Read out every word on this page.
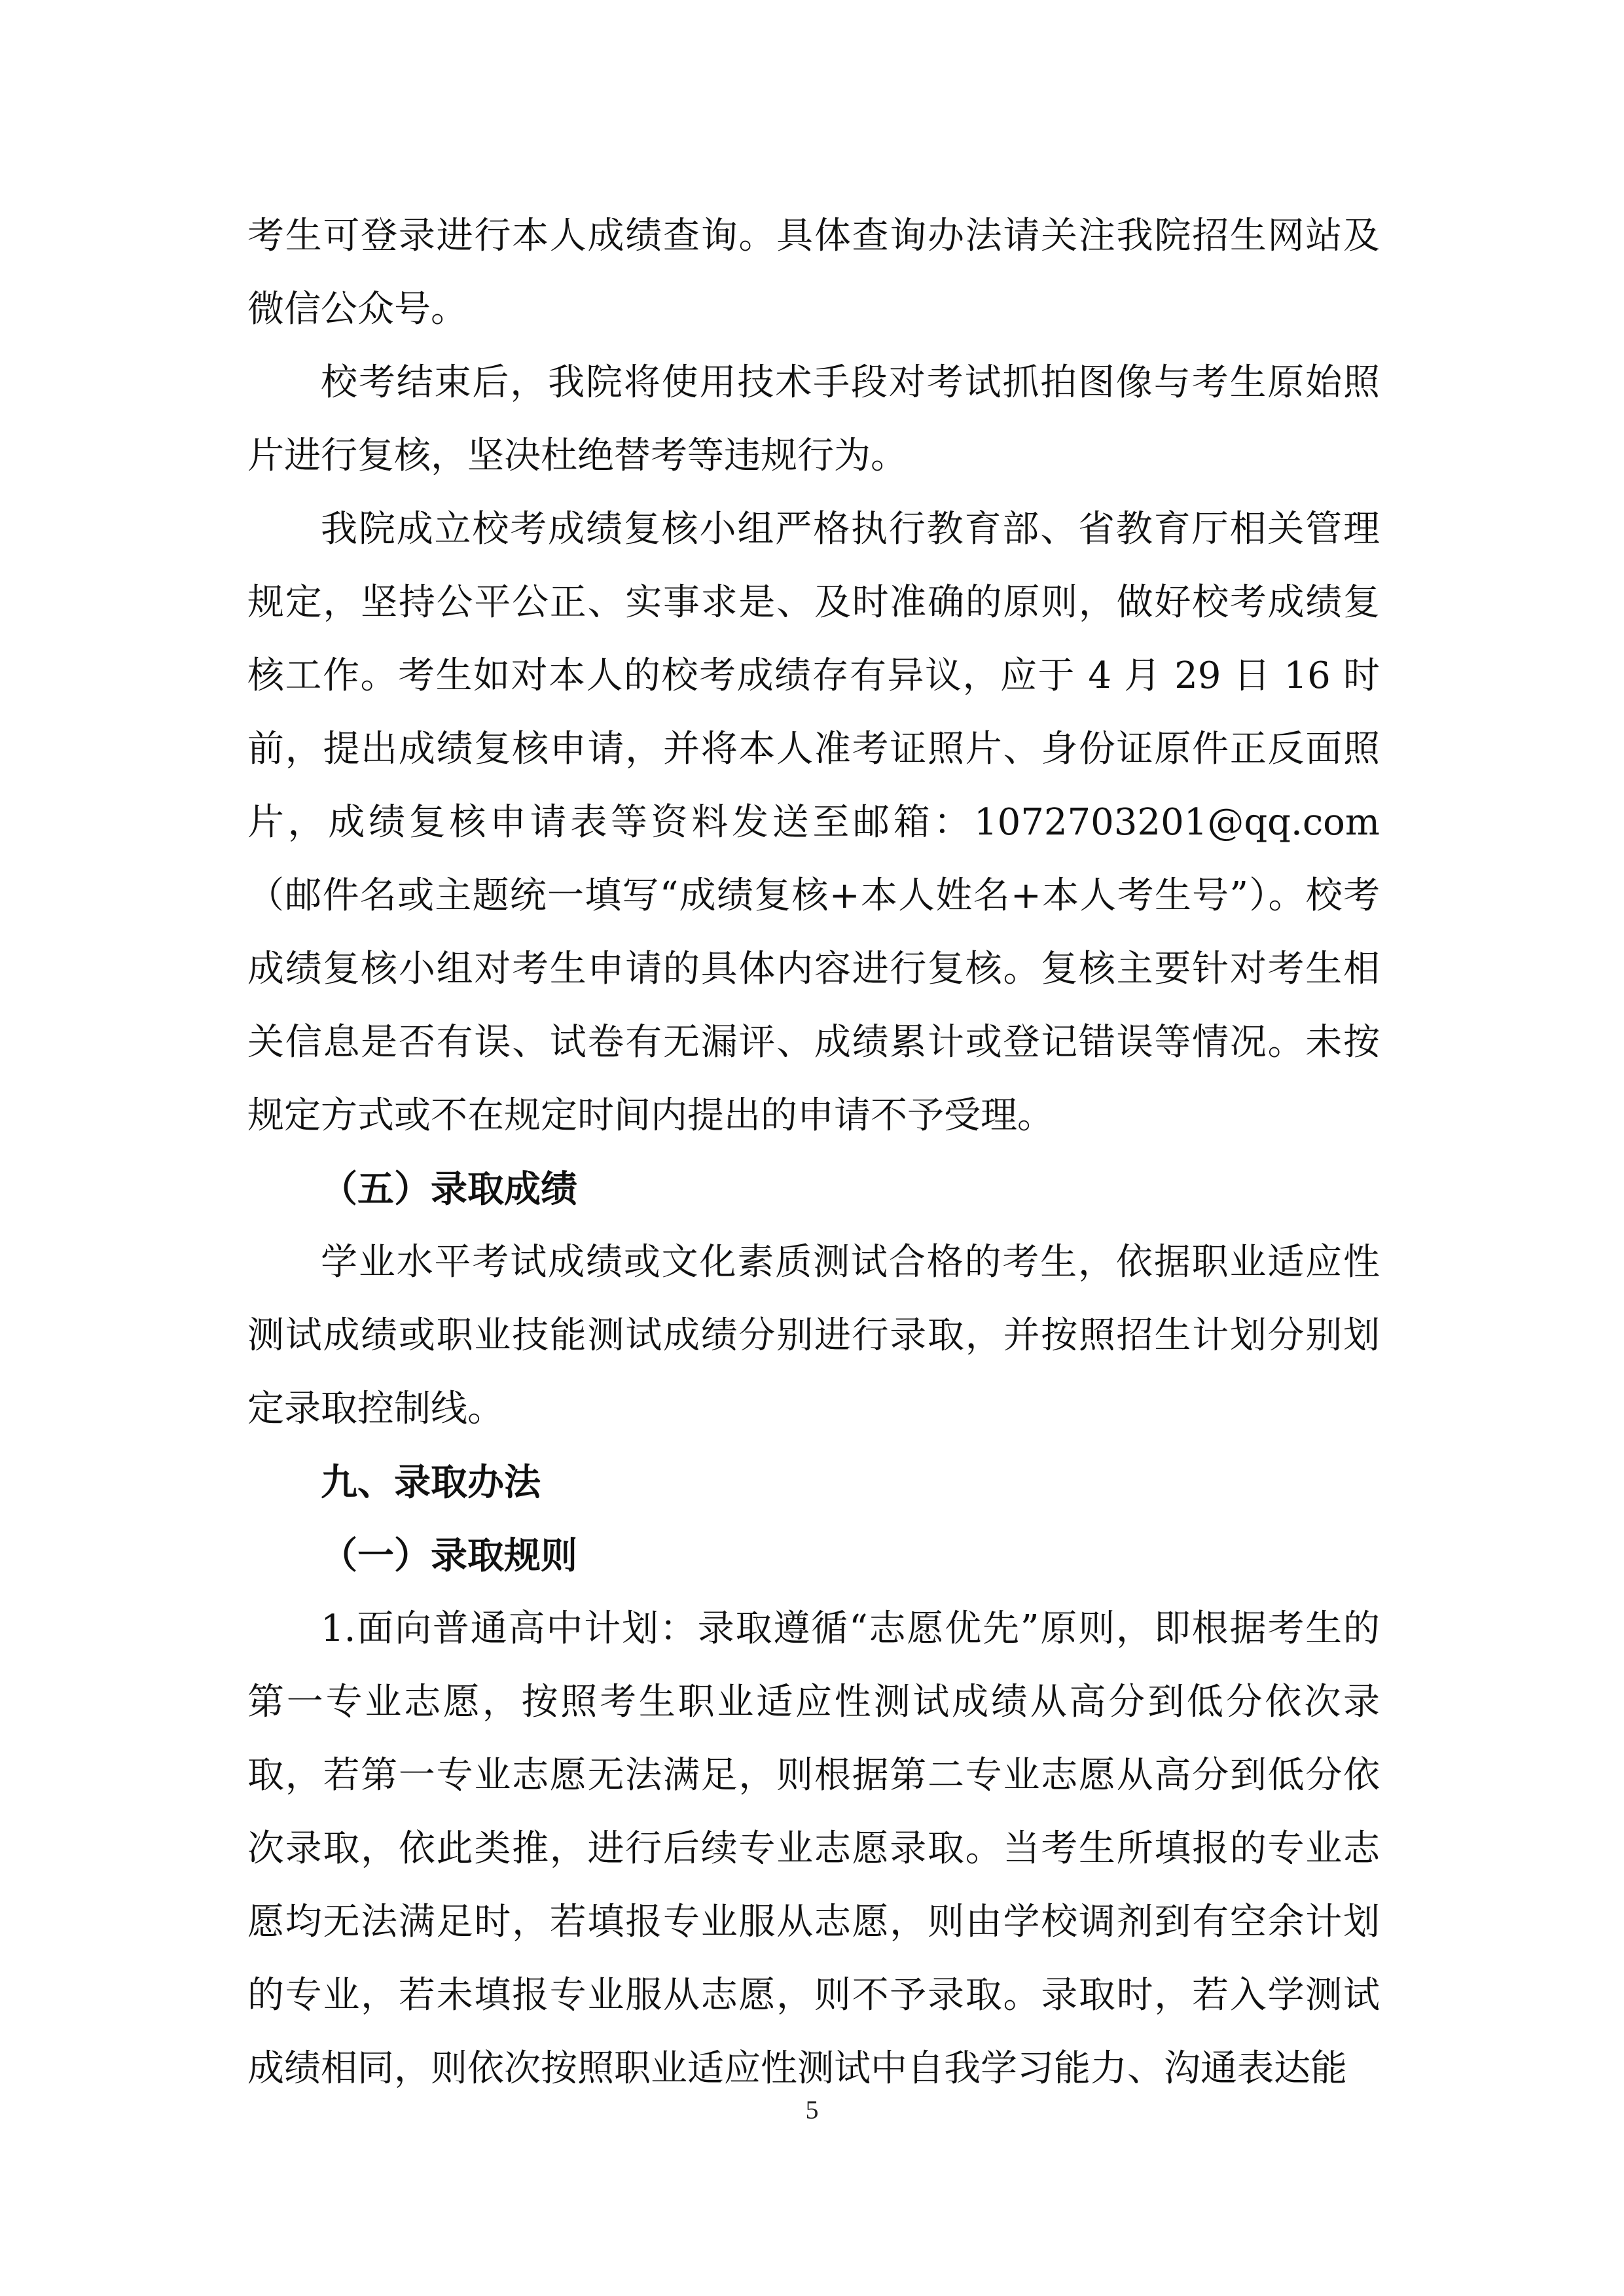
考生可登录进行本人成绩查询。具体查询办法请关注我院招生网站及微信公众号。

校考结束后，我院将使用技术手段对考试抓拍图像与考生原始照片进行复核，坚决杜绝替考等违规行为。

我院成立校考成绩复核小组严格执行教育部、省教育厅相关管理规定，坚持公平公正、实事求是、及时准确的原则，做好校考成绩复核工作。考生如对本人的校考成绩存有异议，应于 4 月 29 日 16 时前，提出成绩复核申请，并将本人准考证照片、身份证原件正反面照片，成绩复核申请表等资料发送至邮箱：1072703201@qq.com（邮件名或主题统一填写“成绩复核+本人姓名+本人考生号”）。校考成绩复核小组对考生申请的具体内容进行复核。复核主要针对考生相关信息是否有误、试卷有无漏评、成绩累计或登记错误等情况。未按规定方式或不在规定时间内提出的申请不予受理。

（五）录取成绩

学业水平考试成绩或文化素质测试合格的考生，依据职业适应性测试成绩或职业技能测试成绩分别进行录取，并按照招生计划分别划定录取控制线。

九、录取办法

（一）录取规则

1.面向普通高中计划：录取遵循“志愿优先”原则，即根据考生的第一专业志愿，按照考生职业适应性测试成绩从高分到低分依次录取，若第一专业志愿无法满足，则根据第二专业志愿从高分到低分依次录取，依此类推，进行后续专业志愿录取。当考生所填报的专业志愿均无法满足时，若填报专业服从志愿，则由学校调剂到有空余计划的专业，若未填报专业服从志愿，则不予录取。录取时，若入学测试成绩相同，则依次按照职业适应性测试中自我学习能力、沟通表达能

5
